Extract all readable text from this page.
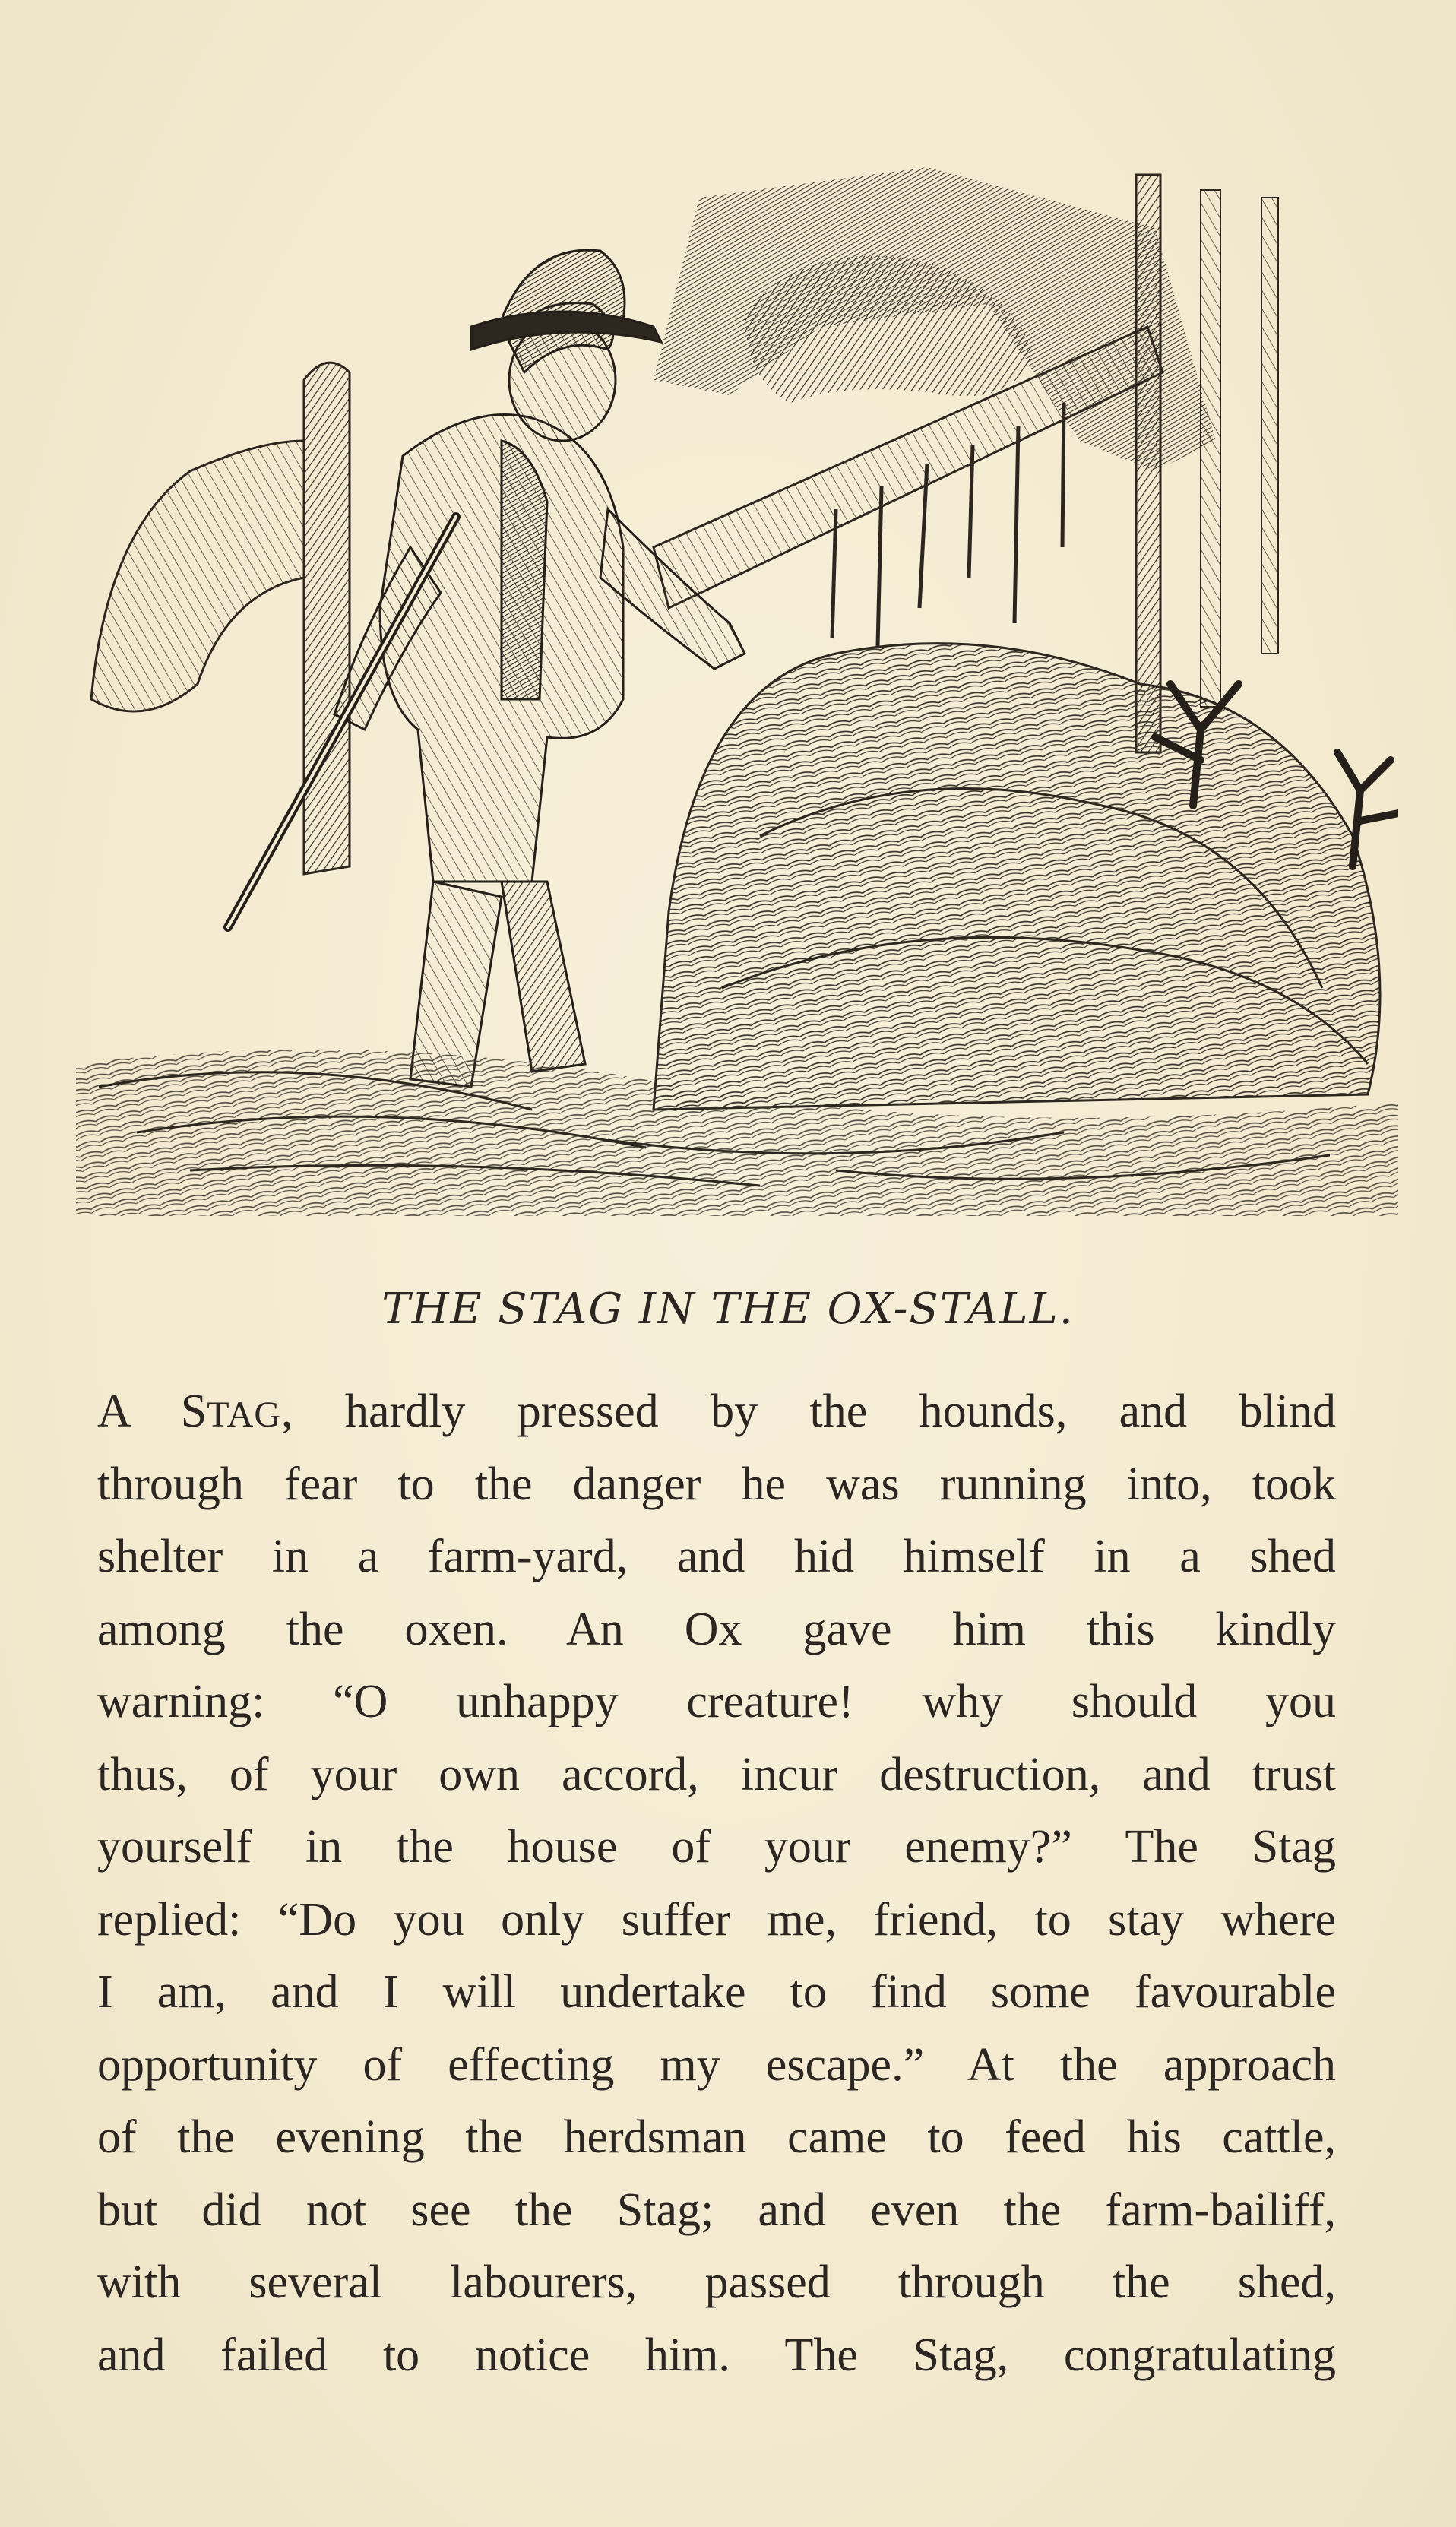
THE STAG IN THE OX-STALL.
A STAG, hardly pressed by the hounds, and blind
through fear to the danger he was running into, took
shelter in a farm-yard, and hid himself in a shed
among the oxen. An Ox gave him this kindly
warning: “O unhappy creature! why should you
thus, of your own accord, incur destruction, and trust
yourself in the house of your enemy?” The Stag
replied: “Do you only suffer me, friend, to stay where
I am, and I will undertake to find some favourable
opportunity of effecting my escape.” At the approach
of the evening the herdsman came to feed his cattle,
but did not see the Stag; and even the farm-bailiff,
with several labourers, passed through the shed,
and failed to notice him. The Stag, congratulating
